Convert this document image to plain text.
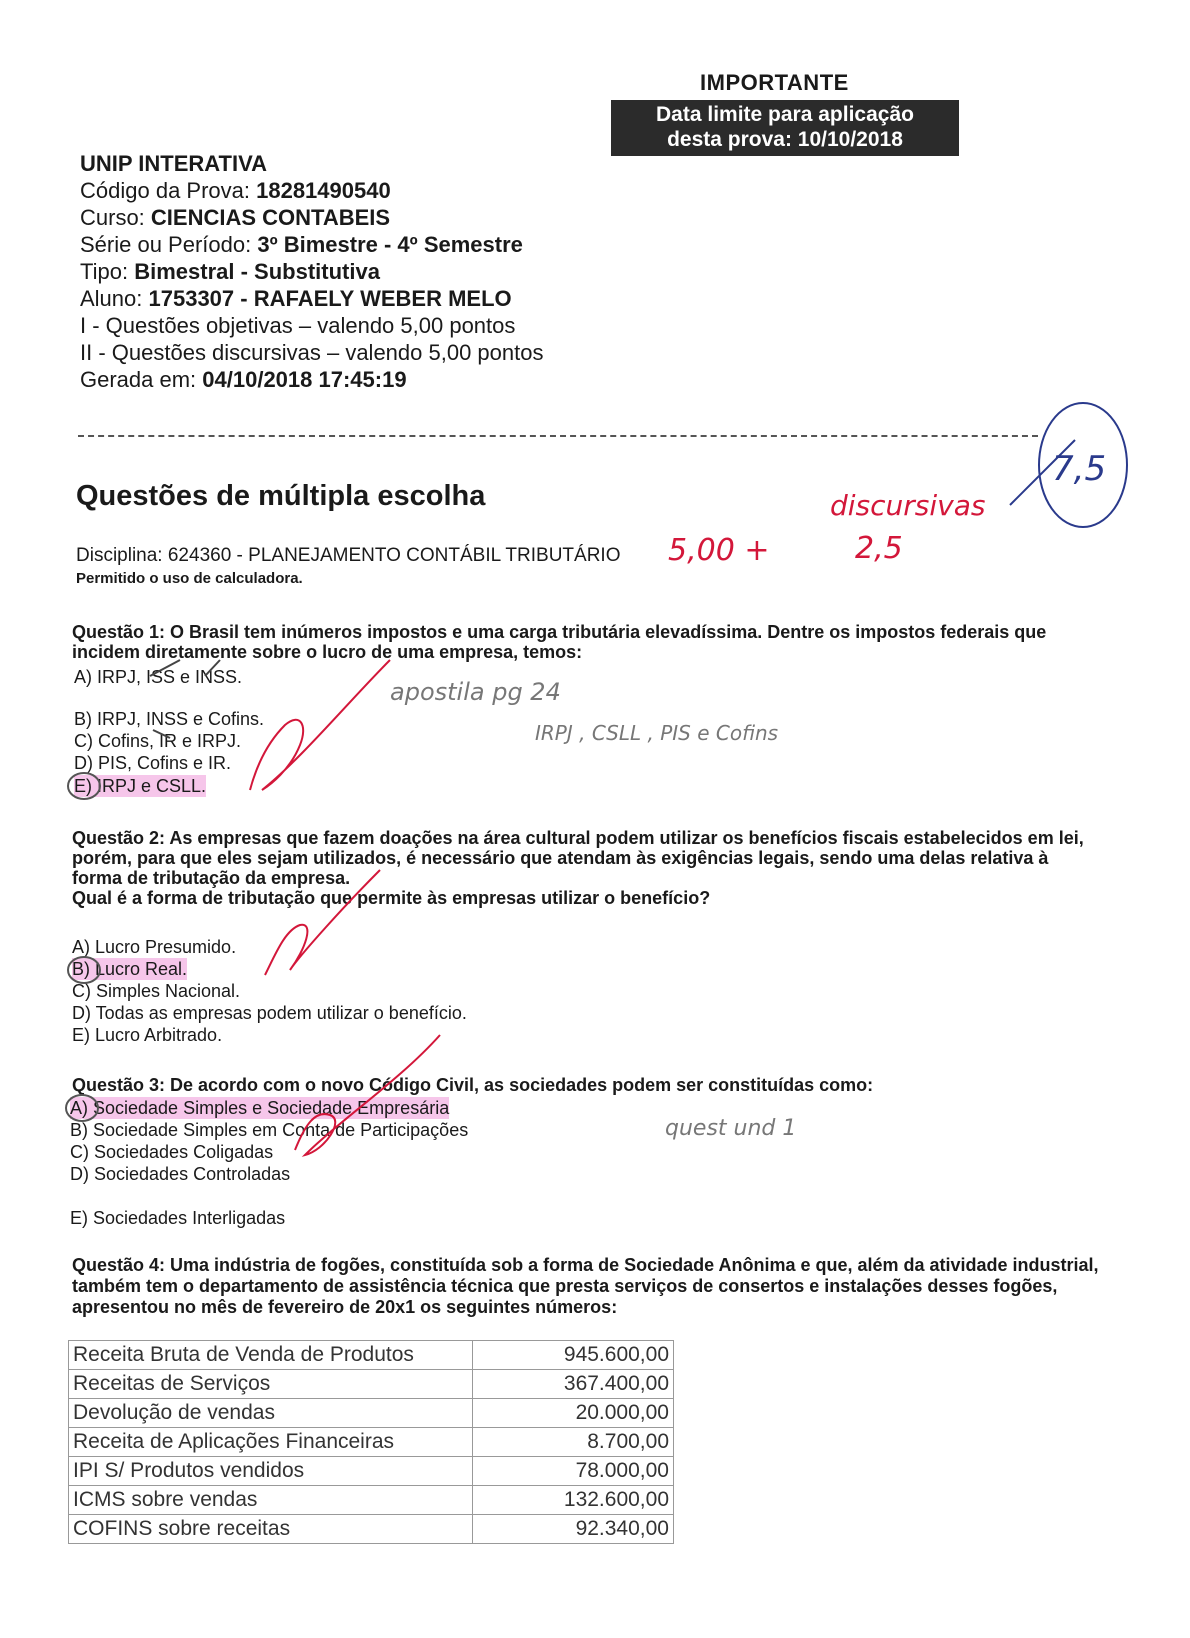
IMPORTANTE
Data limite para aplicação
desta prova: 10/10/2018
UNIP INTERATIVA
Código da Prova: 18281490540
Curso: CIENCIAS CONTABEIS
Série ou Período: 3º Bimestre - 4º Semestre
Tipo: Bimestral - Substitutiva
Aluno: 1753307 - RAFAELY WEBER MELO
I - Questões objetivas – valendo 5,00 pontos
II - Questões discursivas – valendo 5,00 pontos
Gerada em: 04/10/2018 17:45:19
Questões de múltipla escolha
Disciplina: 624360 - PLANEJAMENTO CONTÁBIL TRIBUTÁRIO
Permitido o uso de calculadora.
Questão 1: O Brasil tem inúmeros impostos e uma carga tributária elevadíssima. Dentre os impostos federais que incidem diretamente sobre o lucro de uma empresa, temos:
A) IRPJ, ISS e INSS.
B) IRPJ, INSS e Cofins.
C) Cofins, IR e IRPJ.
D) PIS, Cofins e IR.
E) IRPJ e CSLL.
Questão 2: As empresas que fazem doações na área cultural podem utilizar os benefícios fiscais estabelecidos em lei, porém, para que eles sejam utilizados, é necessário que atendam às exigências legais, sendo uma delas relativa à forma de tributação da empresa.
Qual é a forma de tributação que permite às empresas utilizar o benefício?
A) Lucro Presumido.
B) Lucro Real.
C) Simples Nacional.
D) Todas as empresas podem utilizar o benefício.
E) Lucro Arbitrado.
Questão 3: De acordo com o novo Código Civil, as sociedades podem ser constituídas como:
A) Sociedade Simples e Sociedade Empresária
B) Sociedade Simples em Conta de Participações
C) Sociedades Coligadas
D) Sociedades Controladas
E) Sociedades Interligadas
Questão 4: Uma indústria de fogões, constituída sob a forma de Sociedade Anônima e que, além da atividade industrial, também tem o departamento de assistência técnica que presta serviços de consertos e instalações desses fogões, apresentou no mês de fevereiro de 20x1 os seguintes números:
Receita Bruta de Venda de Produtos	945.600,00
Receitas de Serviços	367.400,00
Devolução de vendas	20.000,00
Receita de Aplicações Financeiras	8.700,00
IPI S/ Produtos vendidos	78.000,00
ICMS sobre vendas	132.600,00
COFINS sobre receitas	92.340,00
7,5
discursivas
2,5
5,00 +
apostila pg 24
IRPJ , CSLL , PIS e Cofins
quest und 1
